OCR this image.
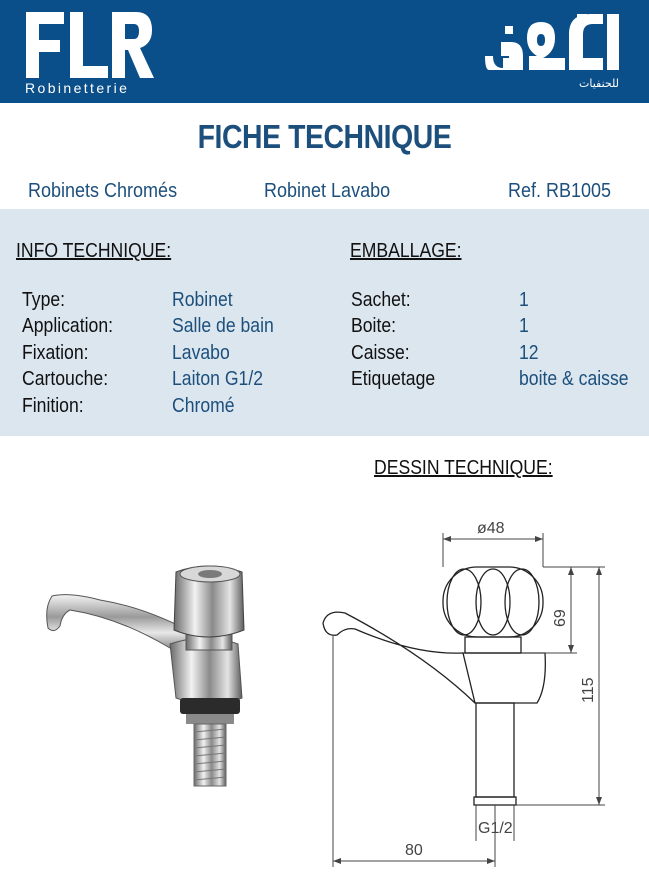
Robinetterie	للحنفيات
FICHE TECHNIQUE
Robinets Chromés	Robinet Lavabo	Ref. RB1005
INFO TECHNIQUE:	EMBALLAGE:
Type:	Robinet
Application:	Salle de bain
Fixation:	Lavabo
Cartouche:	Laiton G1/2
Finition:	Chromé
Sachet:	1
Boite:	1
Caisse:	12
Etiquetage	boite & caisse
DESSIN TECHNIQUE:
ø48
69
115
G1/2
80
